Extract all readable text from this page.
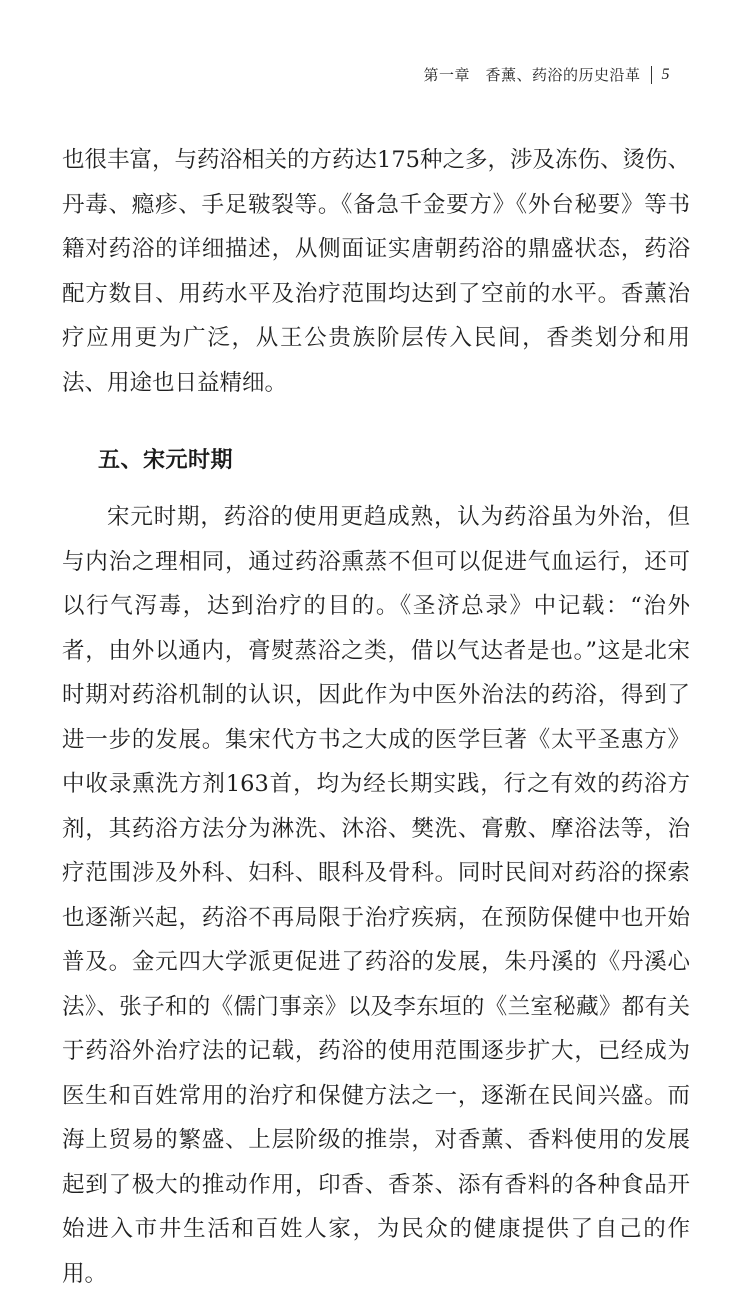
第一章　香薰、药浴的历史沿革 5

也很丰富，与药浴相关的方药达175种之多，涉及冻伤、烫伤、丹毒、瘾疹、手足皲裂等。《备急千金要方》《外台秘要》等书籍对药浴的详细描述，从侧面证实唐朝药浴的鼎盛状态，药浴配方数目、用药水平及治疗范围均达到了空前的水平。香薰治疗应用更为广泛，从王公贵族阶层传入民间，香类划分和用法、用途也日益精细。

五、宋元时期

宋元时期，药浴的使用更趋成熟，认为药浴虽为外治，但与内治之理相同，通过药浴熏蒸不但可以促进气血运行，还可以行气泻毒，达到治疗的目的。《圣济总录》中记载：“治外者，由外以通内，膏熨蒸浴之类，借以气达者是也。”这是北宋时期对药浴机制的认识，因此作为中医外治法的药浴，得到了进一步的发展。集宋代方书之大成的医学巨著《太平圣惠方》中收录熏洗方剂163首，均为经长期实践，行之有效的药浴方剂，其药浴方法分为淋洗、沐浴、樊洗、膏敷、摩浴法等，治疗范围涉及外科、妇科、眼科及骨科。同时民间对药浴的探索也逐渐兴起，药浴不再局限于治疗疾病，在预防保健中也开始普及。金元四大学派更促进了药浴的发展，朱丹溪的《丹溪心法》、张子和的《儒门事亲》以及李东垣的《兰室秘藏》都有关于药浴外治疗法的记载，药浴的使用范围逐步扩大，已经成为医生和百姓常用的治疗和保健方法之一，逐渐在民间兴盛。而海上贸易的繁盛、上层阶级的推崇，对香薰、香料使用的发展起到了极大的推动作用，印香、香茶、添有香料的各种食品开始进入市井生活和百姓人家，为民众的健康提供了自己的作用。
